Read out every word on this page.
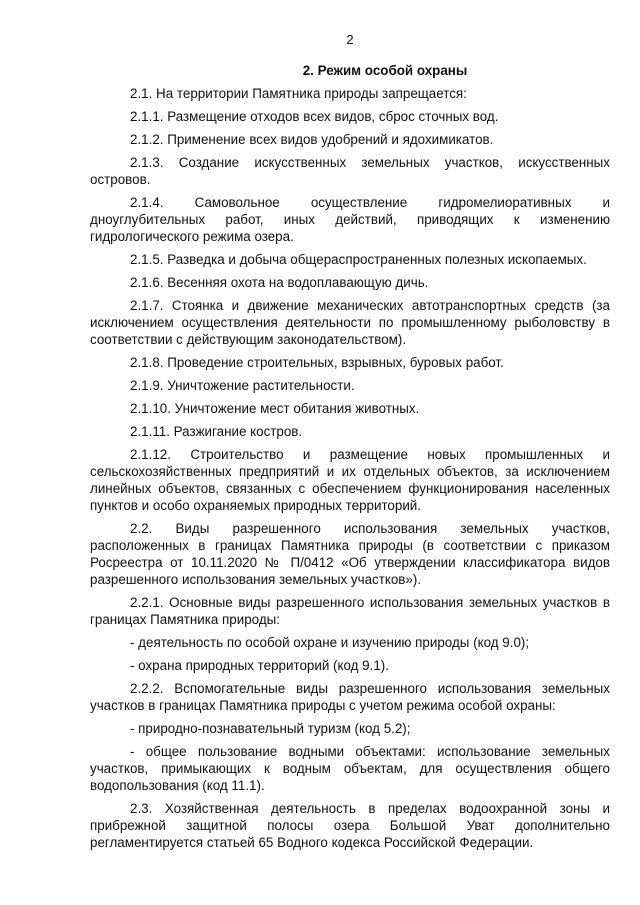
2
2. Режим особой охраны
2.1. На территории Памятника природы запрещается:
2.1.1. Размещение отходов всех видов, сброс сточных вод.
2.1.2. Применение всех видов удобрений и ядохимикатов.
2.1.3. Создание искусственных земельных участков, искусственных островов.
2.1.4. Самовольное осуществление гидромелиоративных и дноуглубительных работ, иных действий, приводящих к изменению гидрологического режима озера.
2.1.5. Разведка и добыча общераспространенных полезных ископаемых.
2.1.6. Весенняя охота на водоплавающую дичь.
2.1.7. Стоянка и движение механических автотранспортных средств (за исключением осуществления деятельности по промышленному рыболовству в соответствии с действующим законодательством).
2.1.8. Проведение строительных, взрывных, буровых работ.
2.1.9. Уничтожение растительности.
2.1.10. Уничтожение мест обитания животных.
2.1.11. Разжигание костров.
2.1.12. Строительство и размещение новых промышленных и сельскохозяйственных предприятий и их отдельных объектов, за исключением линейных объектов, связанных с обеспечением функционирования населенных пунктов и особо охраняемых природных территорий.
2.2. Виды разрешенного использования земельных участков, расположенных в границах Памятника природы (в соответствии с приказом Росреестра от 10.11.2020 № П/0412 «Об утверждении классификатора видов разрешенного использования земельных участков»).
2.2.1. Основные виды разрешенного использования земельных участков в границах Памятника природы:
- деятельность по особой охране и изучению природы (код 9.0);
- охрана природных территорий (код 9.1).
2.2.2. Вспомогательные виды разрешенного использования земельных участков в границах Памятника природы с учетом режима особой охраны:
- природно-познавательный туризм (код 5.2);
- общее пользование водными объектами: использование земельных участков, примыкающих к водным объектам, для осуществления общего водопользования (код 11.1).
2.3. Хозяйственная деятельность в пределах водоохранной зоны и прибрежной защитной полосы озера Большой Уват дополнительно регламентируется статьей 65 Водного кодекса Российской Федерации.
